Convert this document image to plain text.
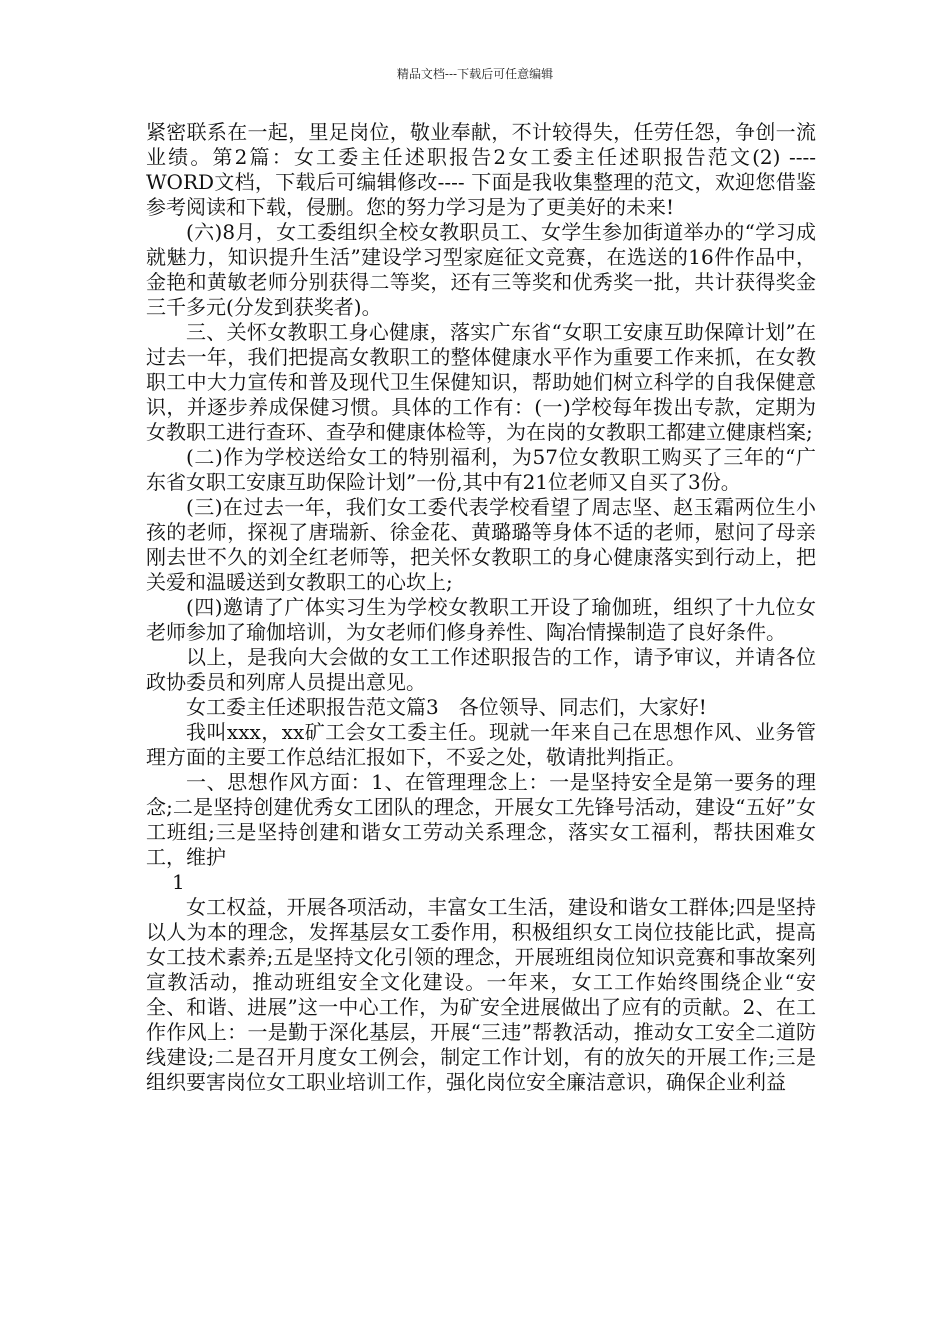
精品文档---下载后可任意编辑

紧密联系在一起，里足岗位，敬业奉献，不计较得失，任劳任怨，争创一流业绩。第2篇：女工委主任述职报告2女工委主任述职报告范文(2) ----WORD文档，下载后可编辑修改---- 下面是我收集整理的范文，欢迎您借鉴参考阅读和下载，侵删。您的努力学习是为了更美好的未来!

(六)8月，女工委组织全校女教职员工、女学生参加街道举办的“学习成就魅力，知识提升生活”建设学习型家庭征文竞赛，在选送的16件作品中，金艳和黄敏老师分别获得二等奖，还有三等奖和优秀奖一批，共计获得奖金三千多元(分发到获奖者)。

三、关怀女教职工身心健康，落实广东省“女职工安康互助保障计划”在过去一年，我们把提高女教职工的整体健康水平作为重要工作来抓，在女教职工中大力宣传和普及现代卫生保健知识，帮助她们树立科学的自我保健意识，并逐步养成保健习惯。具体的工作有：(一)学校每年拨出专款，定期为女教职工进行查环、查孕和健康体检等，为在岗的女教职工都建立健康档案;

(二)作为学校送给女工的特别福利，为57位女教职工购买了三年的“广东省女职工安康互助保险计划”一份,其中有21位老师又自买了3份。

(三)在过去一年，我们女工委代表学校看望了周志坚、赵玉霜两位生小孩的老师，探视了唐瑞新、徐金花、黄璐璐等身体不适的老师，慰问了母亲刚去世不久的刘全红老师等，把关怀女教职工的身心健康落实到行动上，把关爱和温暖送到女教职工的心坎上;

(四)邀请了广体实习生为学校女教职工开设了瑜伽班，组织了十九位女老师参加了瑜伽培训，为女老师们修身养性、陶冶情操制造了良好条件。

以上，是我向大会做的女工工作述职报告的工作，请予审议，并请各位政协委员和列席人员提出意见。

女工委主任述职报告范文篇3　各位领导、同志们，大家好!

我叫xxx，xx矿工会女工委主任。现就一年来自己在思想作风、业务管理方面的主要工作总结汇报如下，不妥之处，敬请批判指正。

一、思想作风方面：1、在管理理念上：一是坚持安全是第一要务的理念;二是坚持创建优秀女工团队的理念，开展女工先锋号活动，建设“五好”女工班组;三是坚持创建和谐女工劳动关系理念，落实女工福利，帮扶困难女工，维护

1

女工权益，开展各项活动，丰富女工生活，建设和谐女工群体;四是坚持以人为本的理念，发挥基层女工委作用，积极组织女工岗位技能比武，提高女工技术素养;五是坚持文化引领的理念，开展班组岗位知识竞赛和事故案列宣教活动，推动班组安全文化建设。一年来，女工工作始终围绕企业“安全、和谐、进展”这一中心工作，为矿安全进展做出了应有的贡献。2、在工作作风上：一是勤于深化基层，开展“三违”帮教活动，推动女工安全二道防线建设;二是召开月度女工例会，制定工作计划，有的放矢的开展工作;三是组织要害岗位女工职业培训工作，强化岗位安全廉洁意识，确保企业利益
